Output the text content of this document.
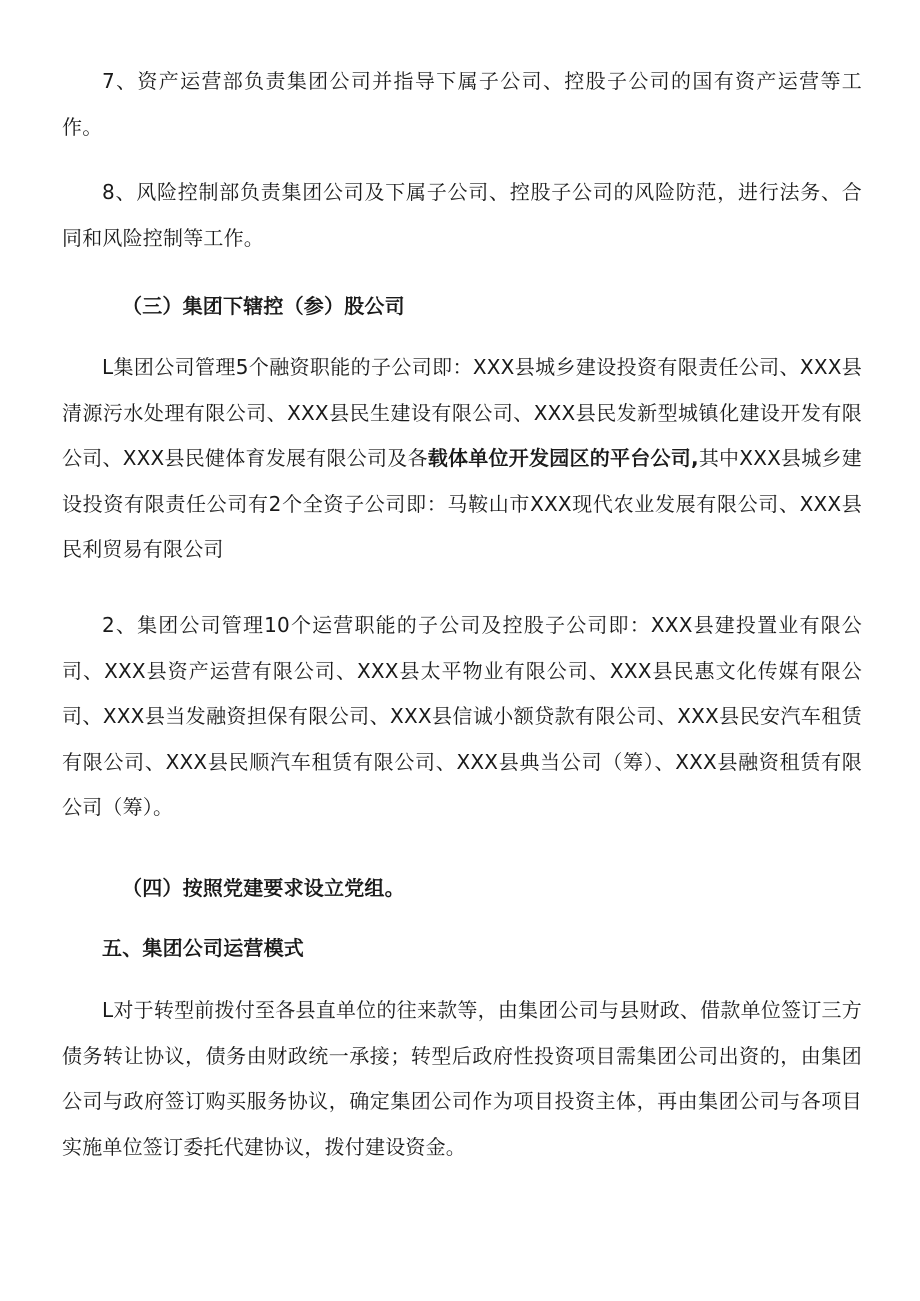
7、资产运营部负责集团公司并指导下属子公司、控股子公司的国有资产运营等工作。

8、风险控制部负责集团公司及下属子公司、控股子公司的风险防范，进行法务、合同和风险控制等工作。

（三）集团下辖控（参）股公司

L集团公司管理5个融资职能的子公司即：XXX县城乡建设投资有限责任公司、XXX县清源污水处理有限公司、XXX县民生建设有限公司、XXX县民发新型城镇化建设开发有限公司、XXX县民健体育发展有限公司及各载体单位开发园区的平台公司,其中XXX县城乡建设投资有限责任公司有2个全资子公司即：马鞍山市XXX现代农业发展有限公司、XXX县民利贸易有限公司

2、集团公司管理10个运营职能的子公司及控股子公司即：XXX县建投置业有限公司、XXX县资产运营有限公司、XXX县太平物业有限公司、XXX县民惠文化传媒有限公司、XXX县当发融资担保有限公司、XXX县信诚小额贷款有限公司、XXX县民安汽车租赁有限公司、XXX县民顺汽车租赁有限公司、XXX县典当公司（筹）、XXX县融资租赁有限公司（筹）。

（四）按照党建要求设立党组。

五、集团公司运营模式

L对于转型前拨付至各县直单位的往来款等，由集团公司与县财政、借款单位签订三方债务转让协议，债务由财政统一承接；转型后政府性投资项目需集团公司出资的，由集团公司与政府签订购买服务协议，确定集团公司作为项目投资主体，再由集团公司与各项目实施单位签订委托代建协议，拨付建设资金。
